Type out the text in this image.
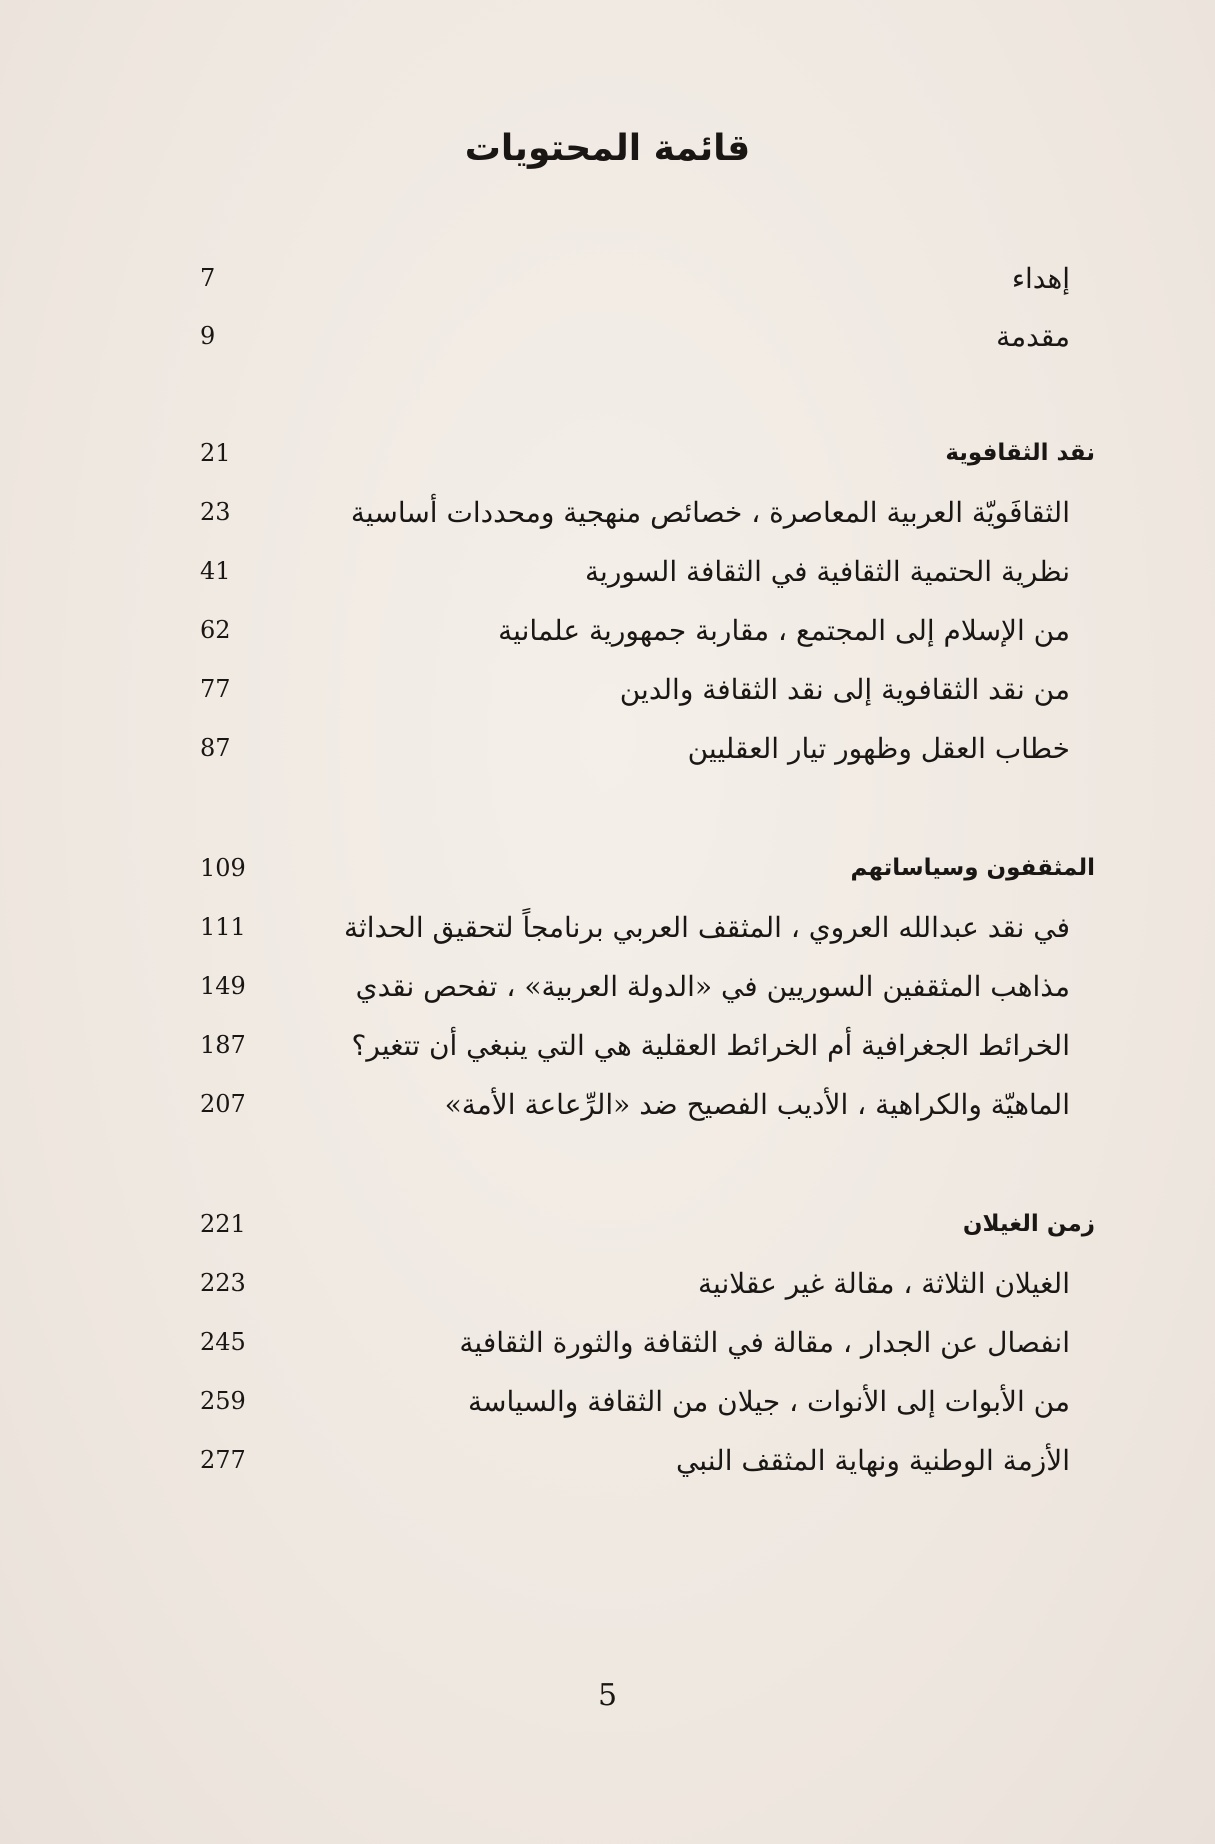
قائمة المحتويات
إهداء
7
مقدمة
9
نقد الثقافوية
21
الثقافَويّة العربية المعاصرة ، خصائص منهجية ومحددات أساسية
23
نظرية الحتمية الثقافية في الثقافة السورية
41
من الإسلام إلى المجتمع ، مقاربة جمهورية علمانية
62
من نقد الثقافوية إلى نقد الثقافة والدين
77
خطاب العقل وظهور تيار العقليين
87
المثقفون وسياساتهم
109
في نقد عبدالله العروي ، المثقف العربي برنامجاً لتحقيق الحداثة
111
مذاهب المثقفين السوريين في «الدولة العربية» ، تفحص نقدي
149
الخرائط الجغرافية أم الخرائط العقلية هي التي ينبغي أن تتغير؟
187
الماهيّة والكراهية ، الأديب الفصيح ضد «الرِّعاعة الأمة»
207
زمن الغيلان
221
الغيلان الثلاثة ، مقالة غير عقلانية
223
انفصال عن الجدار ، مقالة في الثقافة والثورة الثقافية
245
من الأبوات إلى الأنوات ، جيلان من الثقافة والسياسة
259
الأزمة الوطنية ونهاية المثقف النبي
277
5
